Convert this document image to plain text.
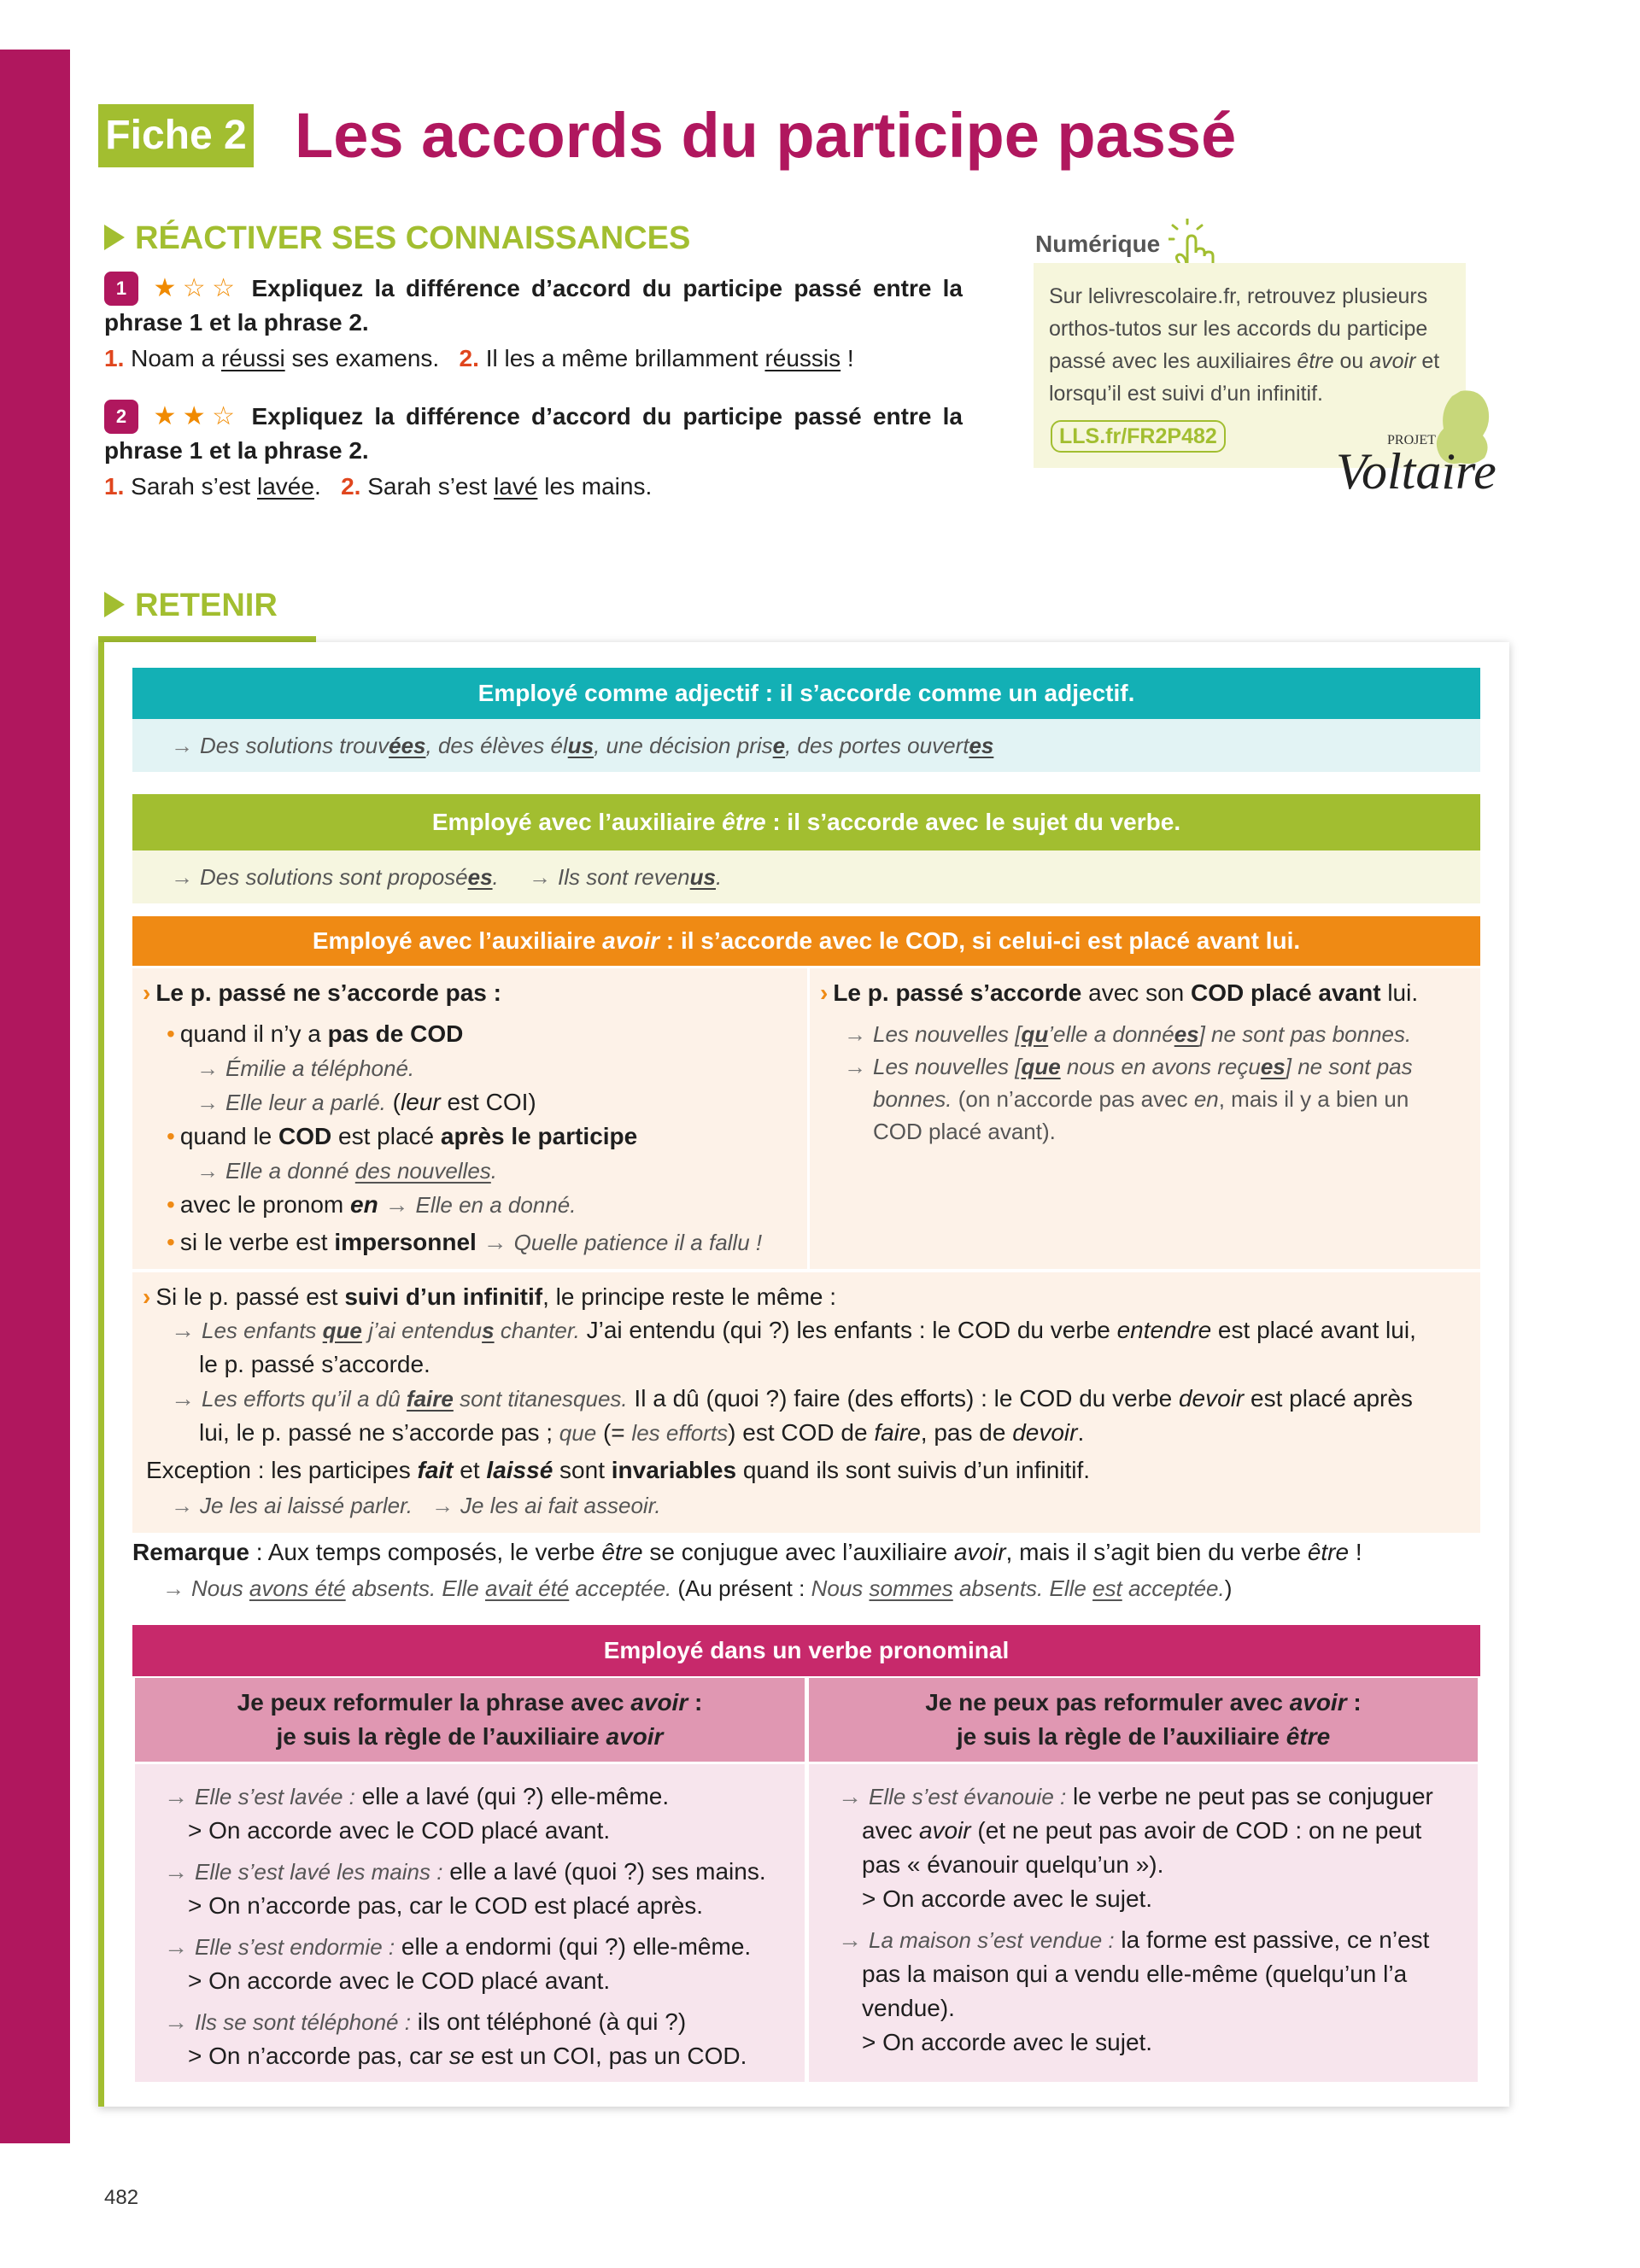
Fiche 2 Les accords du participe passé
RÉACTIVER SES CONNAISSANCES
1 ★☆☆ Expliquez la différence d’accord du participe passé entre la phrase 1 et la phrase 2.
1. Noam a réussi ses examens. 2. Il les a même brillamment réussis !
2 ★★☆ Expliquez la différence d’accord du participe passé entre la phrase 1 et la phrase 2.
1. Sarah s’est lavée. 2. Sarah s’est lavé les mains.
Numérique
Sur lelivrescolaire.fr, retrouvez plusieurs orthos-tutos sur les accords du participe passé avec les auxiliaires être ou avoir et lorsqu’il est suivi d’un infinitif.
LLS.fr/FR2P482	PROJET
Voltaire
RETENIR
Employé comme adjectif : il s’accorde comme un adjectif.
→ Des solutions trouvées, des élèves élus, une décision prise, des portes ouvertes
Employé avec l’auxiliaire être : il s’accorde avec le sujet du verbe.
→ Des solutions sont proposées. → Ils sont revenus.
Employé avec l’auxiliaire avoir : il s’accorde avec le COD, si celui-ci est placé avant lui.
› Le p. passé ne s’accorde pas :
• quand il n’y a pas de COD
→ Émilie a téléphoné.
→ Elle leur a parlé. (leur est COI)
• quand le COD est placé après le participe
→ Elle a donné des nouvelles.
• avec le pronom en → Elle en a donné.
• si le verbe est impersonnel → Quelle patience il a fallu !
› Le p. passé s’accorde avec son COD placé avant lui.
→ Les nouvelles [qu’elle a données] ne sont pas bonnes.
→ Les nouvelles [que nous en avons reçues] ne sont pas
bonnes. (on n’accorde pas avec en, mais il y a bien un
COD placé avant).
› Si le p. passé est suivi d’un infinitif, le principe reste le même :
→ Les enfants que j’ai entendus chanter. J’ai entendu (qui ?) les enfants : le COD du verbe entendre est placé avant lui,
le p. passé s’accorde.
→ Les efforts qu’il a dû faire sont titanesques. Il a dû (quoi ?) faire (des efforts) : le COD du verbe devoir est placé après
lui, le p. passé ne s’accorde pas ; que (= les efforts) est COD de faire, pas de devoir.
Exception : les participes fait et laissé sont invariables quand ils sont suivis d’un infinitif.
→ Je les ai laissé parler. → Je les ai fait asseoir.
Remarque : Aux temps composés, le verbe être se conjugue avec l’auxiliaire avoir, mais il s’agit bien du verbe être !
→ Nous avons été absents. Elle avait été acceptée. (Au présent : Nous sommes absents. Elle est acceptée.)
Employé dans un verbe pronominal
Je peux reformuler la phrase avec avoir :
je suis la règle de l’auxiliaire avoir
Je ne peux pas reformuler avec avoir :
je suis la règle de l’auxiliaire être
→ Elle s’est lavée : elle a lavé (qui ?) elle-même.
> On accorde avec le COD placé avant.
→ Elle s’est lavé les mains : elle a lavé (quoi ?) ses mains.
> On n’accorde pas, car le COD est placé après.
→ Elle s’est endormie : elle a endormi (qui ?) elle-même.
> On accorde avec le COD placé avant.
→ Ils se sont téléphoné : ils ont téléphoné (à qui ?)
> On n’accorde pas, car se est un COI, pas un COD.
→ Elle s’est évanouie : le verbe ne peut pas se conjuguer avec avoir (et ne peut pas avoir de COD : on ne peut pas « évanouir quelqu’un »).
> On accorde avec le sujet.
→ La maison s’est vendue : la forme est passive, ce n’est pas la maison qui a vendu elle-même (quelqu’un l’a vendue).
> On accorde avec le sujet.
482
